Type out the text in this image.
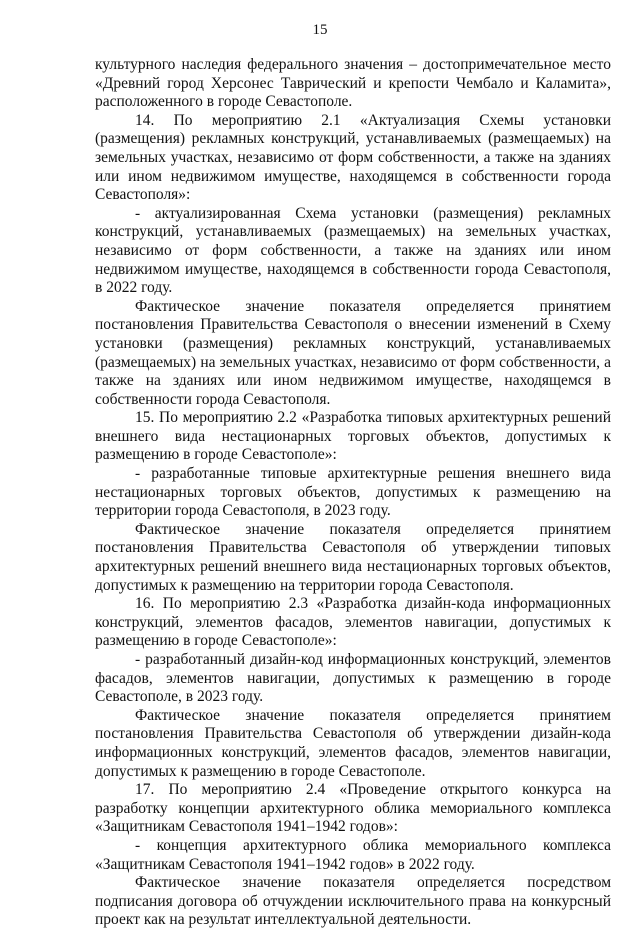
15

культурного наследия федерального значения – достопримечательное место «Древний город Херсонес Таврический и крепости Чембало и Каламита», расположенного в городе Севастополе.

14. По мероприятию 2.1 «Актуализация Схемы установки (размещения) рекламных конструкций, устанавливаемых (размещаемых) на земельных участках, независимо от форм собственности, а также на зданиях или ином недвижимом имуществе, находящемся в собственности города Севастополя»:

- актуализированная Схема установки (размещения) рекламных конструкций, устанавливаемых (размещаемых) на земельных участках, независимо от форм собственности, а также на зданиях или ином недвижимом имуществе, находящемся в собственности города Севастополя, в 2022 году.

Фактическое значение показателя определяется принятием постановления Правительства Севастополя о внесении изменений в Схему установки (размещения) рекламных конструкций, устанавливаемых (размещаемых) на земельных участках, независимо от форм собственности, а также на зданиях или ином недвижимом имуществе, находящемся в собственности города Севастополя.

15. По мероприятию 2.2 «Разработка типовых архитектурных решений внешнего вида нестационарных торговых объектов, допустимых к размещению в городе Севастополе»:

- разработанные типовые архитектурные решения внешнего вида нестационарных торговых объектов, допустимых к размещению на территории города Севастополя, в 2023 году.

Фактическое значение показателя определяется принятием постановления Правительства Севастополя об утверждении типовых архитектурных решений внешнего вида нестационарных торговых объектов, допустимых к размещению на территории города Севастополя.

16. По мероприятию 2.3 «Разработка дизайн-кода информационных конструкций, элементов фасадов, элементов навигации, допустимых к размещению в городе Севастополе»:

- разработанный дизайн-код информационных конструкций, элементов фасадов, элементов навигации, допустимых к размещению в городе Севастополе, в 2023 году.

Фактическое значение показателя определяется принятием постановления Правительства Севастополя об утверждении дизайн-кода информационных конструкций, элементов фасадов, элементов навигации, допустимых к размещению в городе Севастополе.

17. По мероприятию 2.4 «Проведение открытого конкурса на разработку концепции архитектурного облика мемориального комплекса «Защитникам Севастополя 1941–1942 годов»:

- концепция архитектурного облика мемориального комплекса «Защитникам Севастополя 1941–1942 годов» в 2022 году.

Фактическое значение показателя определяется посредством подписания договора об отчуждении исключительного права на конкурсный проект как на результат интеллектуальной деятельности.
